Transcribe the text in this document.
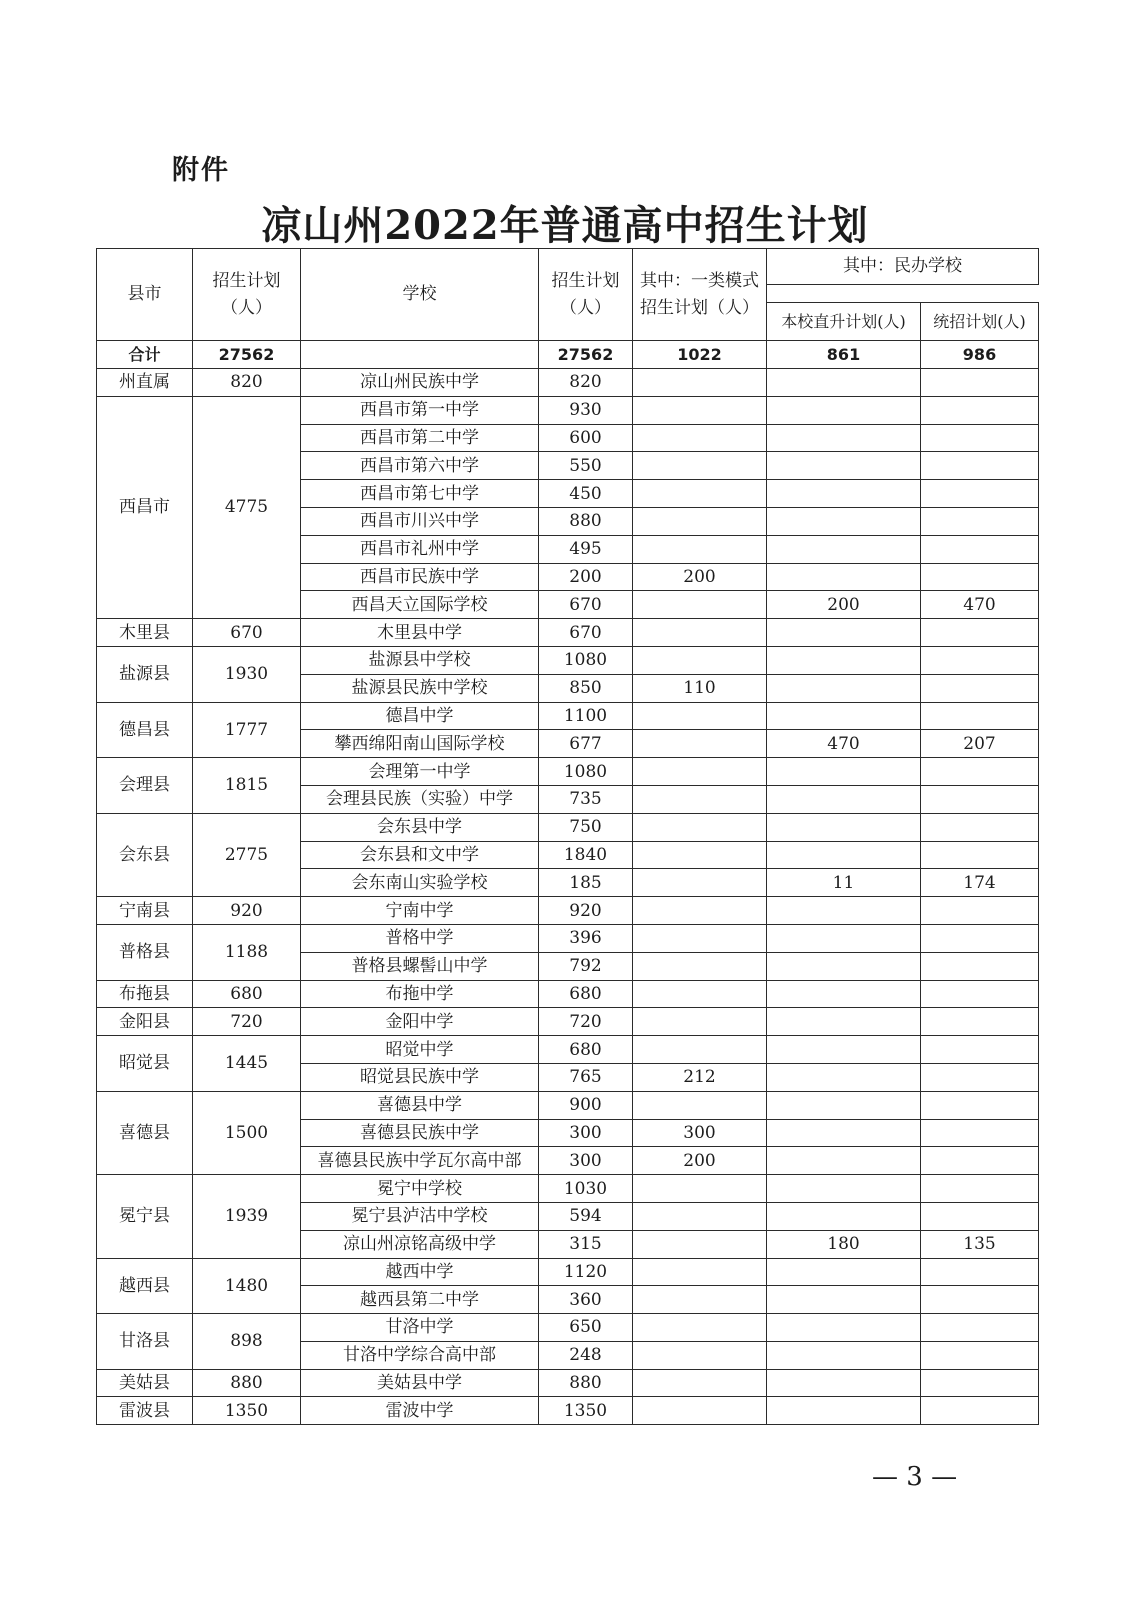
附件
凉山州2022年普通高中招生计划
县市	招生计划（人）	学校	招生计划（人）	其中：一类模式招生计划（人）	其中：民办学校	

					本校直升计划(人)	统招计划(人)
合计	27562		27562	1022	861	986
州直属	820	凉山州民族中学	820			
西昌市	4775	西昌市第一中学	930			
		西昌市第二中学	600			
		西昌市第六中学	550			
		西昌市第七中学	450			
		西昌市川兴中学	880			
		西昌市礼州中学	495			
		西昌市民族中学	200	200		
		西昌天立国际学校	670		200	470
木里县	670	木里县中学	670			
盐源县	1930	盐源县中学校	1080			
		盐源县民族中学校	850	110		
德昌县	1777	德昌中学	1100			
		攀西绵阳南山国际学校	677		470	207
会理县	1815	会理第一中学	1080			
		会理县民族（实验）中学	735			
会东县	2775	会东县中学	750			
		会东县和文中学	1840			
		会东南山实验学校	185		11	174
宁南县	920	宁南中学	920			
普格县	1188	普格中学	396			
		普格县螺髻山中学	792			
布拖县	680	布拖中学	680			
金阳县	720	金阳中学	720			
昭觉县	1445	昭觉中学	680			
		昭觉县民族中学	765	212		
喜德县	1500	喜德县中学	900			
		喜德县民族中学	300	300		
		喜德县民族中学瓦尔高中部	300	200		
冕宁县	1939	冕宁中学校	1030			
		冕宁县泸沽中学校	594			
		凉山州凉铭高级中学	315		180	135
越西县	1480	越西中学	1120			
		越西县第二中学	360			
甘洛县	898	甘洛中学	650			
		甘洛中学综合高中部	248			
美姑县	880	美姑县中学	880			
雷波县	1350	雷波中学	1350			
— 3 —
